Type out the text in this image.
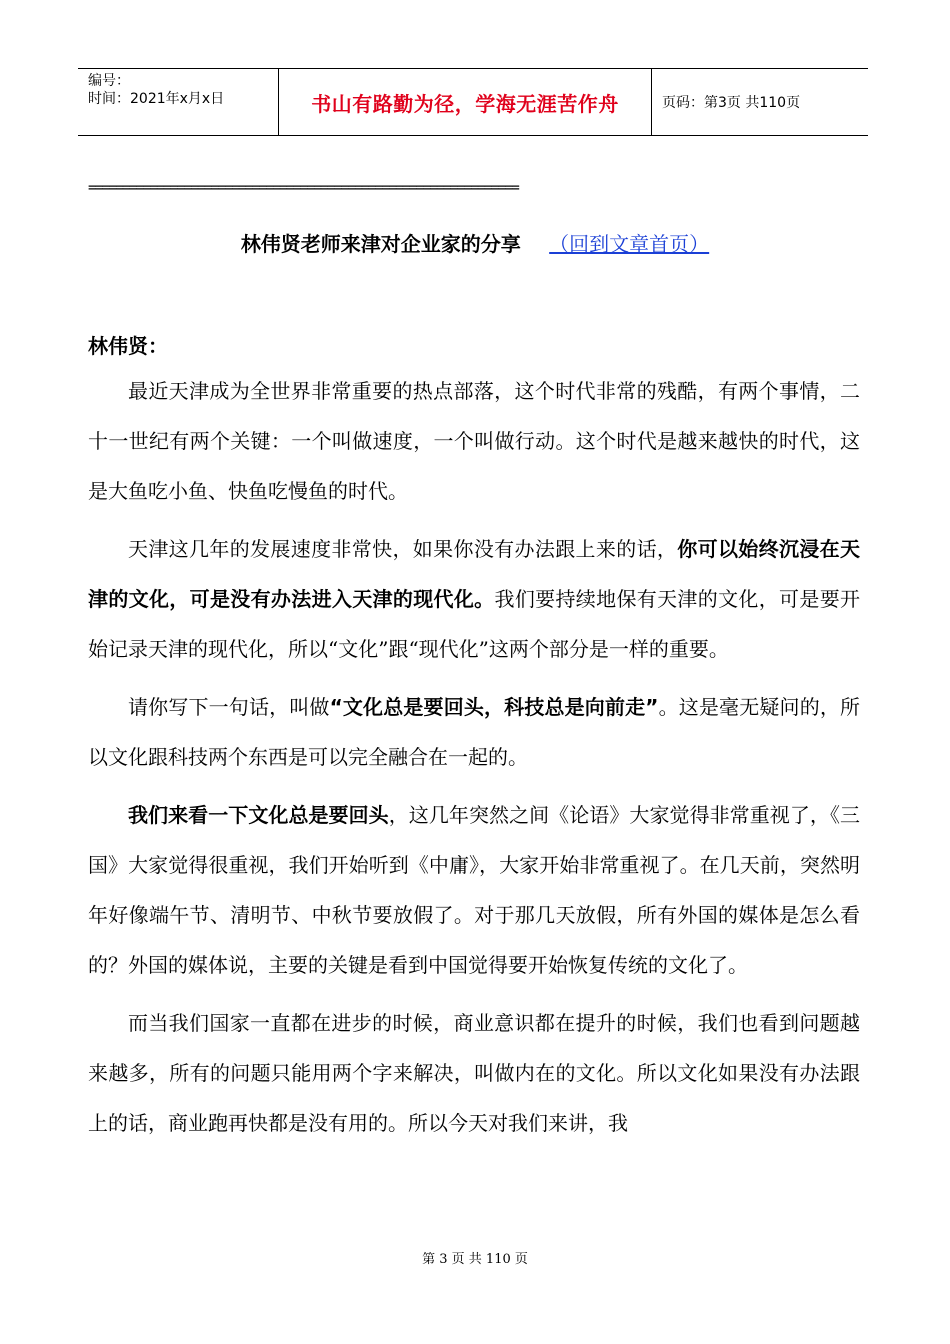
编号：
时间：2021年x月x日	书山有路勤为径，学海无涯苦作舟	页码：第3页 共110页
===============================================================
林伟贤老师来津对企业家的分享 （回到文章首页）
林伟贤：

最近天津成为全世界非常重要的热点部落，这个时代非常的残酷，有两个事情，二十一世纪有两个关键：一个叫做速度，一个叫做行动。这个时代是越来越快的时代，这是大鱼吃小鱼、快鱼吃慢鱼的时代。

天津这几年的发展速度非常快，如果你没有办法跟上来的话，你可以始终沉浸在天津的文化，可是没有办法进入天津的现代化。我们要持续地保有天津的文化，可是要开始记录天津的现代化，所以“文化”跟“现代化”这两个部分是一样的重要。

请你写下一句话，叫做“文化总是要回头，科技总是向前走”。这是毫无疑问的，所以文化跟科技两个东西是可以完全融合在一起的。

我们来看一下文化总是要回头，这几年突然之间《论语》大家觉得非常重视了，《三国》大家觉得很重视，我们开始听到《中庸》，大家开始非常重视了。在几天前，突然明年好像端午节、清明节、中秋节要放假了。对于那几天放假，所有外国的媒体是怎么看的？外国的媒体说，主要的关键是看到中国觉得要开始恢复传统的文化了。

而当我们国家一直都在进步的时候，商业意识都在提升的时候，我们也看到问题越来越多，所有的问题只能用两个字来解决，叫做内在的文化。所以文化如果没有办法跟上的话，商业跑再快都是没有用的。所以今天对我们来讲，我

第 3 页 共 110 页
